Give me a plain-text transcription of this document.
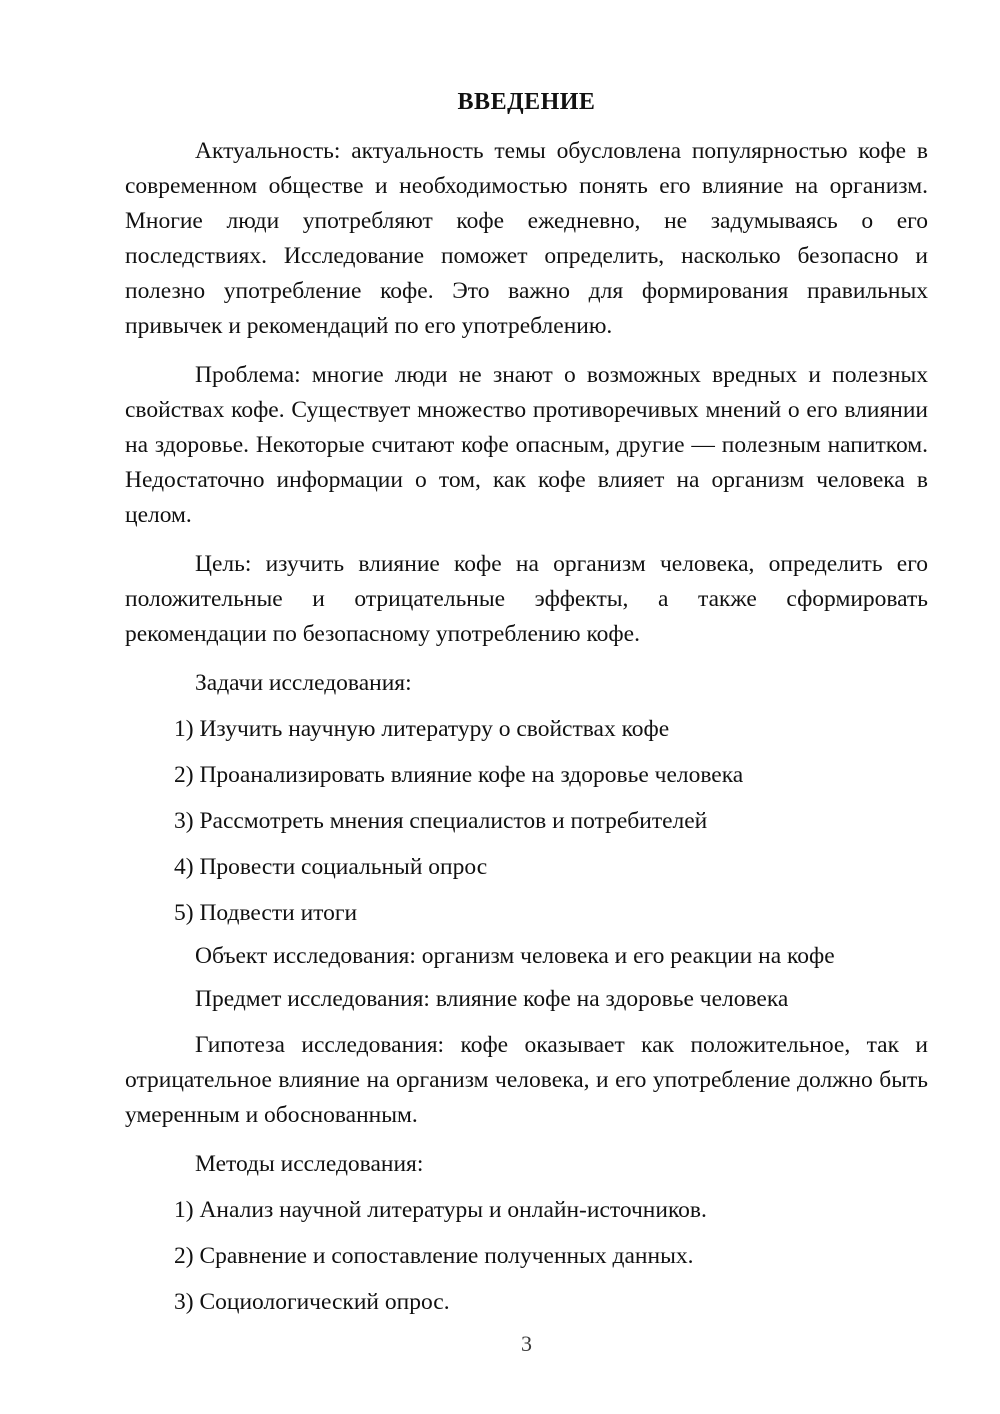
ВВЕДЕНИЕ

Актуальность: актуальность темы обусловлена популярностью кофе в современном обществе и необходимостью понять его влияние на организм. Многие люди употребляют кофе ежедневно, не задумываясь о его последствиях. Исследование поможет определить, насколько безопасно и полезно употребление кофе. Это важно для формирования правильных привычек и рекомендаций по его употреблению.

Проблема: многие люди не знают о возможных вредных и полезных свойствах кофе. Существует множество противоречивых мнений о его влиянии на здоровье. Некоторые считают кофе опасным, другие — полезным напитком. Недостаточно информации о том, как кофе влияет на организм человека в целом.

Цель: изучить влияние кофе на организм человека, определить его положительные и отрицательные эффекты, а также сформировать рекомендации по безопасному употреблению кофе.

Задачи исследования:

1) Изучить научную литературу о свойствах кофе

2) Проанализировать влияние кофе на здоровье человека

3) Рассмотреть мнения специалистов и потребителей

4) Провести социальный опрос

5) Подвести итоги

Объект исследования: организм человека и его реакции на кофе

Предмет исследования: влияние кофе на здоровье человека

Гипотеза исследования: кофе оказывает как положительное, так и отрицательное влияние на организм человека, и его употребление должно быть умеренным и обоснованным.

Методы исследования:

1) Анализ научной литературы и онлайн-источников.

2) Сравнение и сопоставление полученных данных.

3) Социологический опрос.

3
